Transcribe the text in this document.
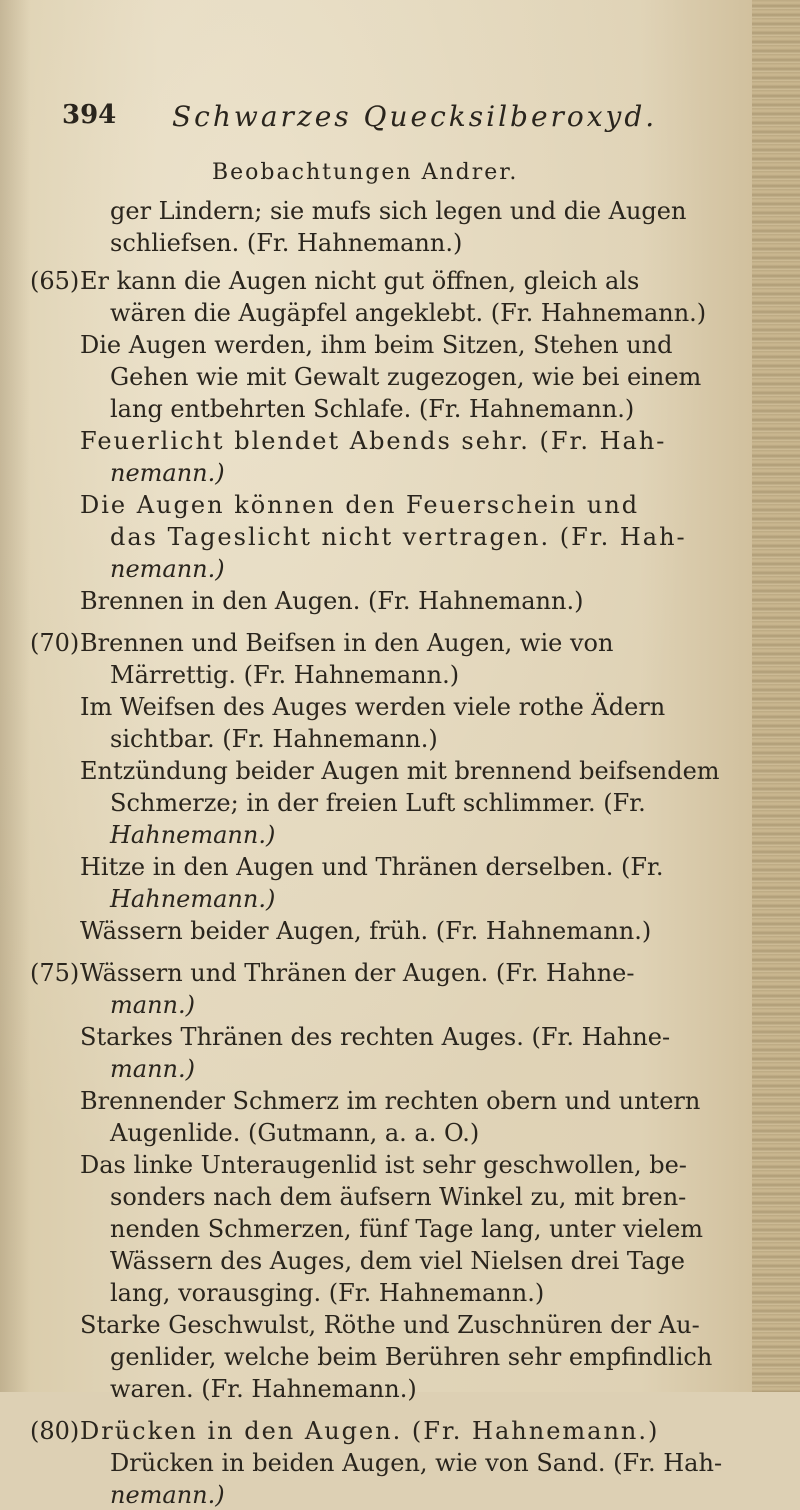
394 Schwarzes Quecksilberoxyd.
Beobachtungen Andrer.
ger Lindern; sie mufs sich legen und die Augen
schliefsen. (Fr. Hahnemann.)
(65) Er kann die Augen nicht gut öffnen, gleich als
wären die Augäpfel angeklebt. (Fr. Hahnemann.)
Die Augen werden, ihm beim Sitzen, Stehen und
Gehen wie mit Gewalt zugezogen, wie bei einem
lang entbehrten Schlafe. (Fr. Hahnemann.)
Feuerlicht blendet Abends sehr. (Fr. Hah-
nemann.)
Die Augen können den Feuerschein und
das Tageslicht nicht vertragen. (Fr. Hah-
nemann.)
Brennen in den Augen. (Fr. Hahnemann.)
(70) Brennen und Beifsen in den Augen, wie von
Märrettig. (Fr. Hahnemann.)
Im Weifsen des Auges werden viele rothe Ädern
sichtbar. (Fr. Hahnemann.)
Entzündung beider Augen mit brennend beifsendem
Schmerze; in der freien Luft schlimmer. (Fr.
Hahnemann.)
Hitze in den Augen und Thränen derselben. (Fr.
Hahnemann.)
Wässern beider Augen, früh. (Fr. Hahnemann.)
(75) Wässern und Thränen der Augen. (Fr. Hahne-
mann.)
Starkes Thränen des rechten Auges. (Fr. Hahne-
mann.)
Brennender Schmerz im rechten obern und untern
Augenlide. (Gutmann, a. a. O.)
Das linke Unteraugenlid ist sehr geschwollen, be-
sonders nach dem äufsern Winkel zu, mit bren-
nenden Schmerzen, fünf Tage lang, unter vielem
Wässern des Auges, dem viel Nielsen drei Tage
lang, vorausging. (Fr. Hahnemann.)
Starke Geschwulst, Röthe und Zuschnüren der Au-
genlider, welche beim Berühren sehr empfindlich
waren. (Fr. Hahnemann.)
(80) Drücken in den Augen. (Fr. Hahnemann.)
Drücken in beiden Augen, wie von Sand. (Fr. Hah-
nemann.)
